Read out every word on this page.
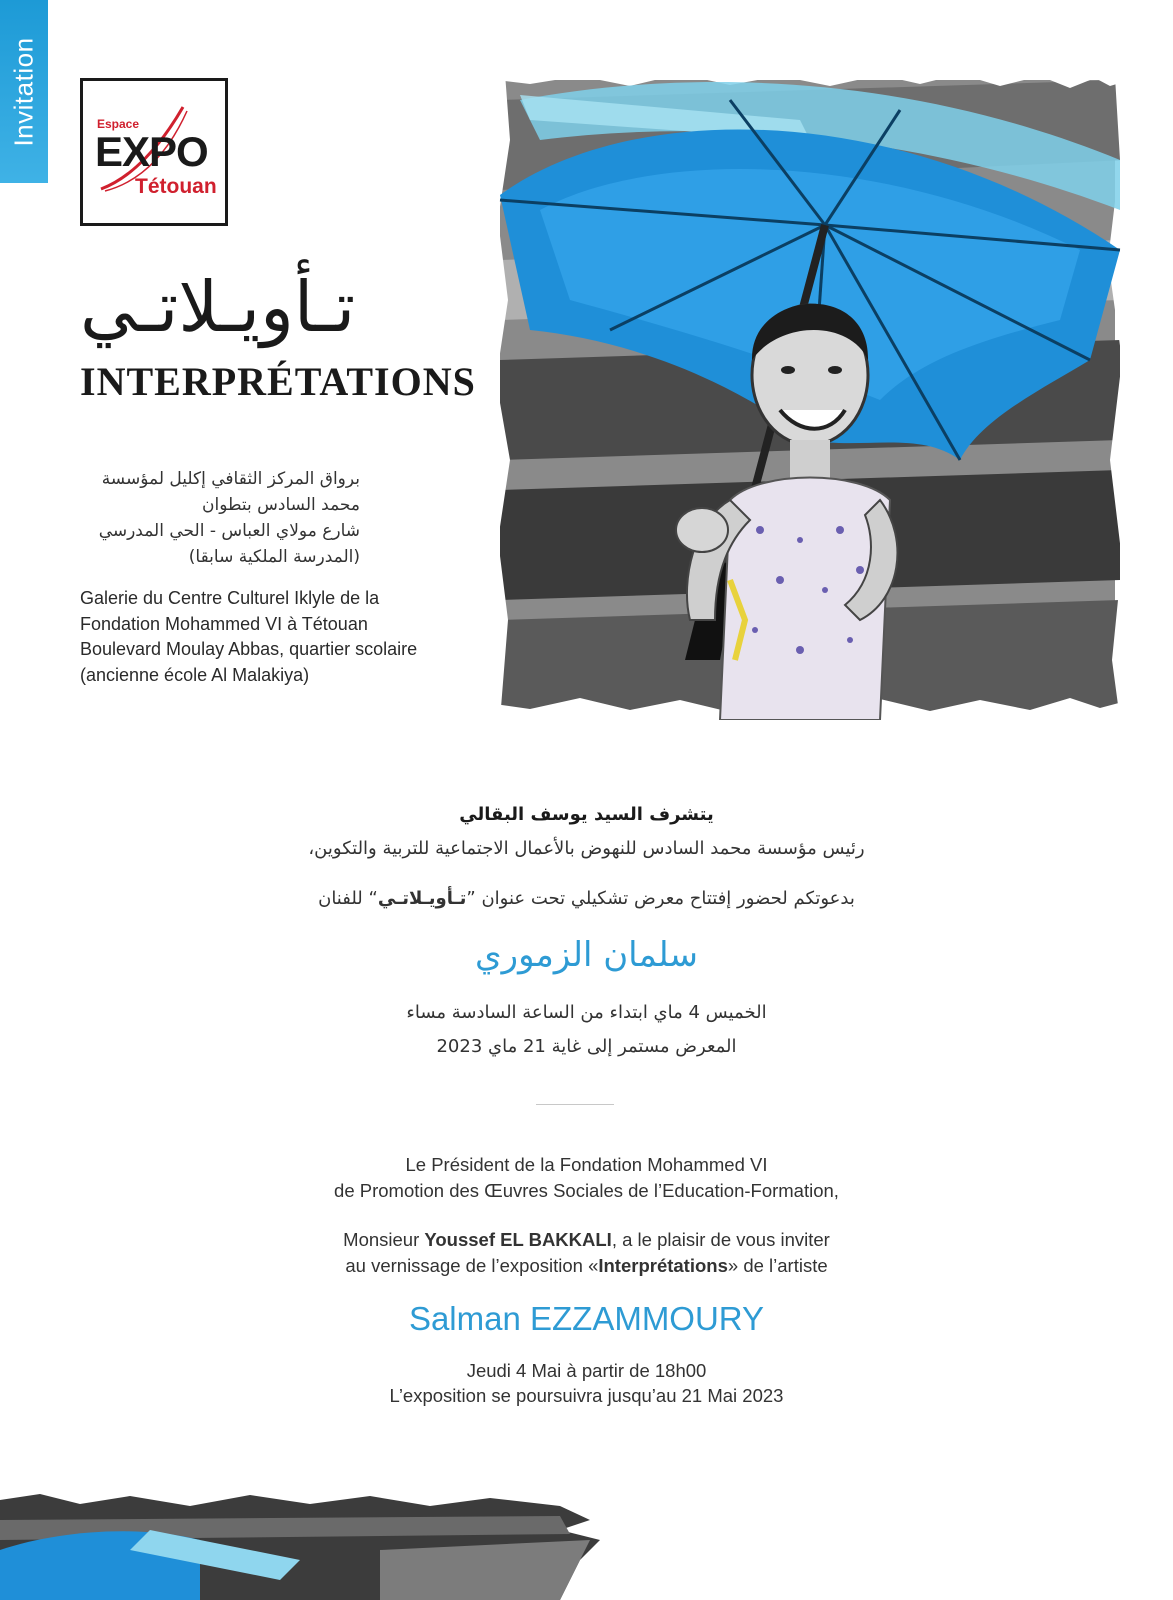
Invitation	Espace
EXPO
Tétouan
تـأويـلاتـي
INTERPRÉTATIONS
برواق المركز الثقافي إكليل لمؤسسة
محمد السادس بتطوان
شارع مولاي العباس - الحي المدرسي
(المدرسة الملكية سابقا)
Galerie du Centre Culturel Iklyle de la
Fondation Mohammed VI à Tétouan
Boulevard Moulay Abbas, quartier scolaire
(ancienne école Al Malakiya)
يتشرف السيد يوسف البقالي
رئيس مؤسسة محمد السادس للنهوض بالأعمال الاجتماعية للتربية والتكوين،
بدعوتكم لحضور إفتتاح معرض تشكيلي تحت عنوان ”تـأويـلاتـي“ للفنان
سلمان الزموري
الخميس 4 ماي ابتداء من الساعة السادسة مساء
المعرض مستمر إلى غاية 21 ماي 2023
Le Président de la Fondation Mohammed VI
de Promotion des Œuvres Sociales de l’Education-Formation,
Monsieur Youssef EL BAKKALI, a le plaisir de vous inviter
au vernissage de l’exposition «Interprétations» de l’artiste
Salman EZZAMMOURY
Jeudi 4 Mai à partir de 18h00
L’exposition se poursuivra jusqu’au 21 Mai 2023
